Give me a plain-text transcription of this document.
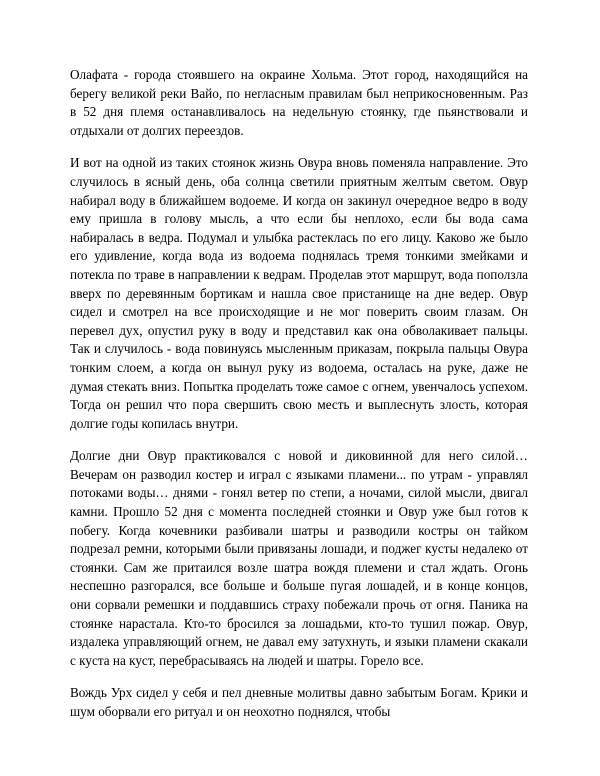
Олафата - города стоявшего на окраине Хольма. Этот город, находящийся на берегу великой реки Вайо, по негласным правилам был неприкосновенным. Раз в 52 дня племя останавливалось на недельную стоянку, где пьянствовали и отдыхали от долгих переездов.

И вот на одной из таких стоянок жизнь Овура вновь поменяла направление. Это случилось в ясный день, оба солнца светили приятным желтым светом. Овур набирал воду в ближайшем водоеме. И когда он закинул очередное ведро в воду ему пришла в голову мысль, а что если бы неплохо, если бы вода сама набиралась в ведра. Подумал и улыбка растеклась по его лицу. Каково же было его удивление, когда вода из водоема поднялась тремя тонкими змейками и потекла по траве в направлении к ведрам. Проделав этот маршрут, вода поползла вверх по деревянным бортикам и нашла свое пристанище на дне ведер. Овур сидел и смотрел на все происходящие и не мог поверить своим глазам. Он перевел дух, опустил руку в воду и представил как она обволакивает пальцы. Так и случилось - вода повинуясь мысленным приказам, покрыла пальцы Овура тонким слоем, а когда он вынул руку из водоема, осталась на руке, даже не думая стекать вниз. Попытка проделать тоже самое с огнем, увенчалось успехом. Тогда он решил что пора свершить свою месть и выплеснуть злость, которая долгие годы копилась внутри.

Долгие дни Овур практиковался с новой и диковинной для него силой… Вечерам он разводил костер и играл с языками пламени... по утрам - управлял потоками воды… днями - гонял ветер по степи, а ночами, силой мысли, двигал камни. Прошло 52 дня с момента последней стоянки и Овур уже был готов к побегу. Когда кочевники разбивали шатры и разводили костры он тайком подрезал ремни, которыми были привязаны лошади, и поджег кусты недалеко от стоянки. Сам же притаился возле шатра вождя племени и стал ждать. Огонь неспешно разгорался, все больше и больше пугая лошадей, и в конце концов, они сорвали ремешки и поддавшись страху побежали прочь от огня. Паника на стоянке нарастала. Кто-то бросился за лошадьми, кто-то тушил пожар. Овур, издалека управляющий огнем, не давал ему затухнуть, и языки пламени скакали с куста на куст, перебрасываясь на людей и шатры. Горело все.

Вождь Урх сидел у себя и пел дневные молитвы давно забытым Богам. Крики и шум оборвали его ритуал и он неохотно поднялся, чтобы
